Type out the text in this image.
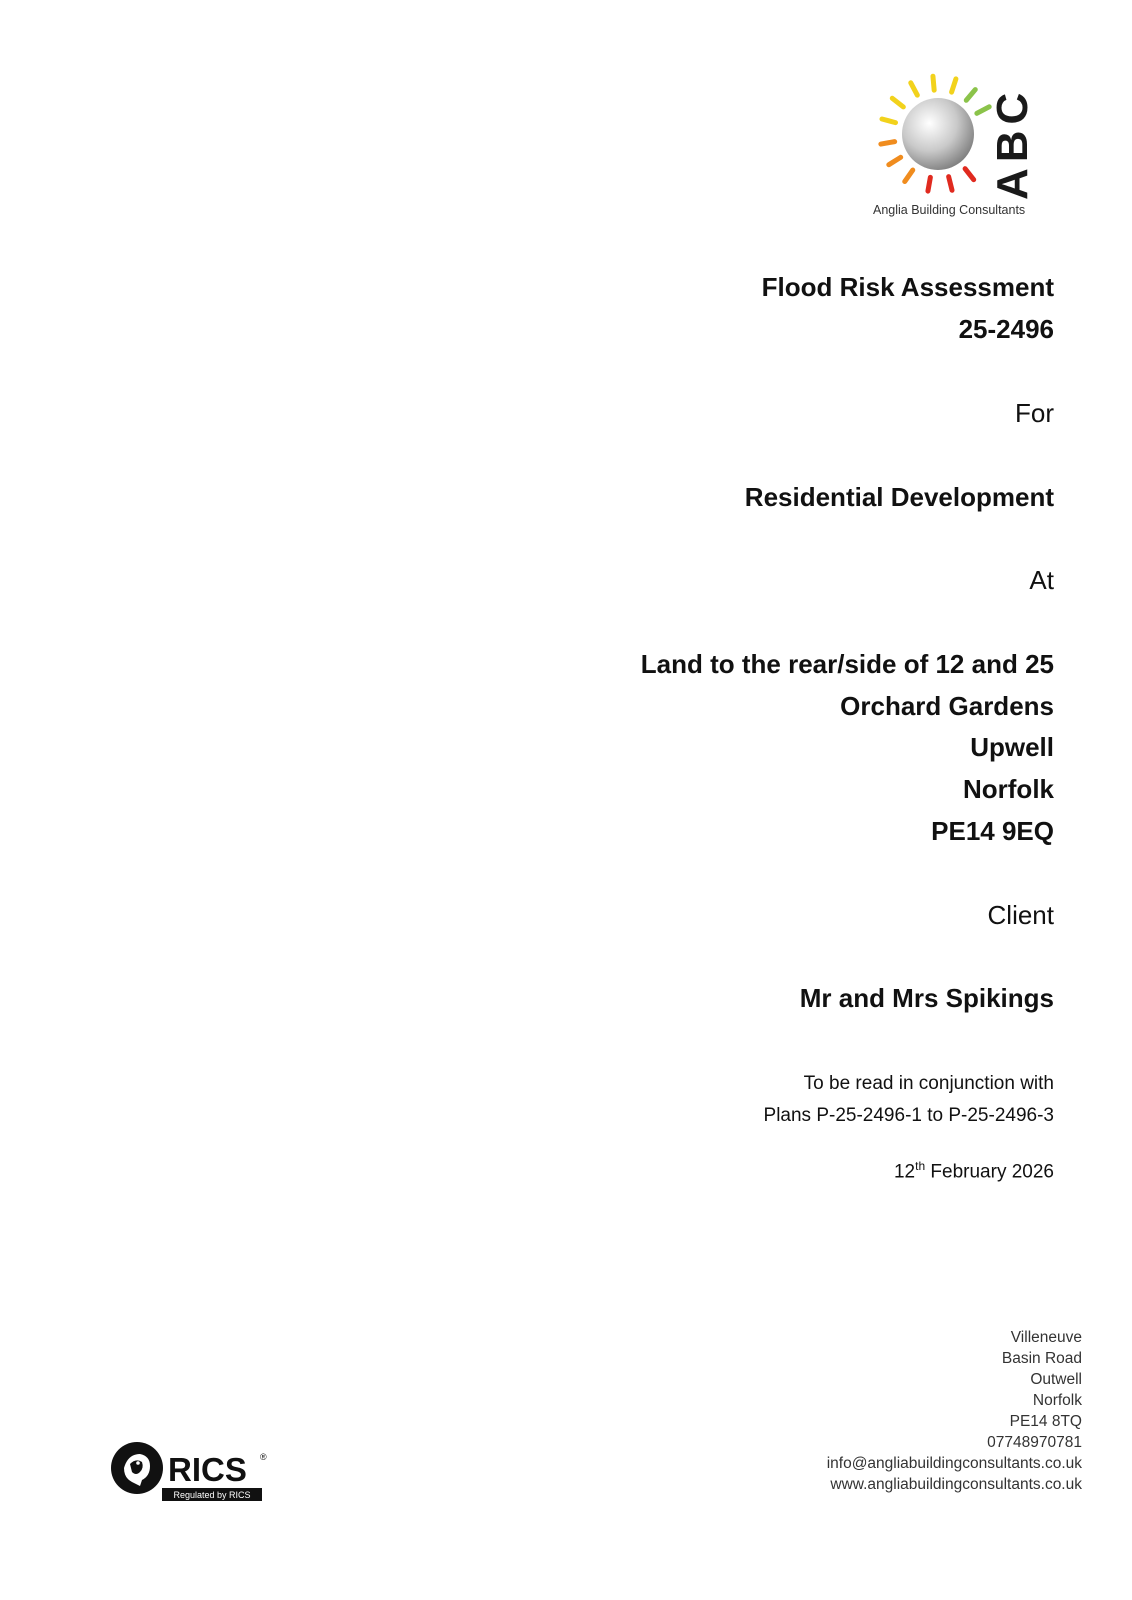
ABC
Anglia Building Consultants
Flood Risk Assessment
25-2496
For
Residential Development
At
Land to the rear/side of 12 and 25
Orchard Gardens
Upwell
Norfolk
PE14 9EQ
Client
Mr and Mrs Spikings
To be read in conjunction with
Plans P-25-2496-1 to P-25-2496-3
12th February 2026
Villeneuve
Basin Road
Outwell
Norfolk
PE14 8TQ
07748970781
info@angliabuildingconsultants.co.uk
www.angliabuildingconsultants.co.uk
RICS ®
Regulated by RICS
